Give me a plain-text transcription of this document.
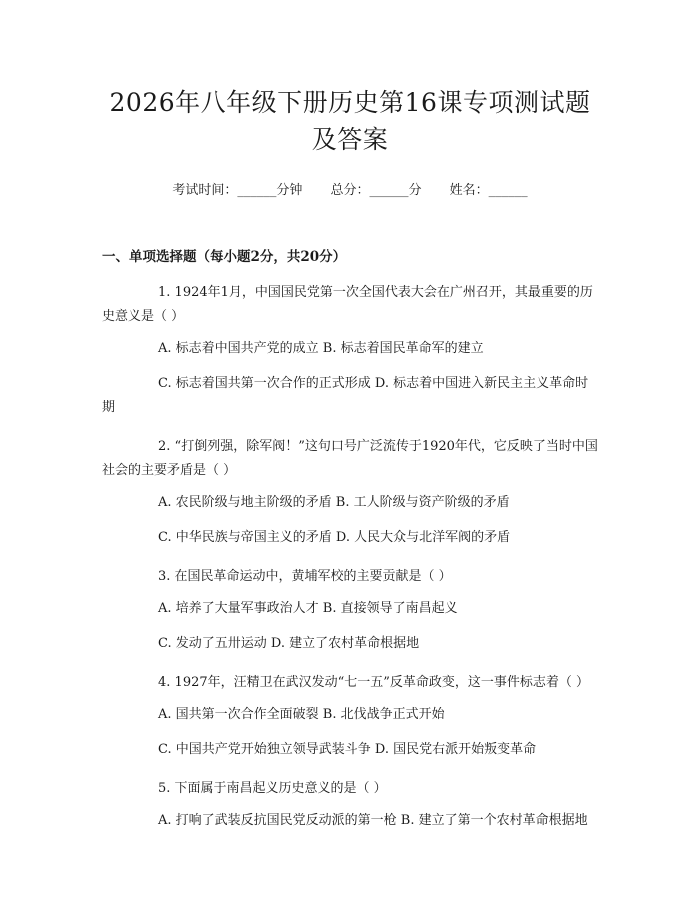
2026年八年级下册历史第16课专项测试题
及答案
考试时间：______分钟 总分：______分 姓名：______
一、单项选择题（每小题2分，共20分）
1. 1924年1月，中国国民党第一次全国代表大会在广州召开，其最重要的历史意义是（ ）
A. 标志着中国共产党的成立 B. 标志着国民革命军的建立
C. 标志着国共第一次合作的正式形成 D. 标志着中国进入新民主主义革命时期
2. “打倒列强，除军阀！”这句口号广泛流传于1920年代，它反映了当时中国社会的主要矛盾是（ ）
A. 农民阶级与地主阶级的矛盾 B. 工人阶级与资产阶级的矛盾
C. 中华民族与帝国主义的矛盾 D. 人民大众与北洋军阀的矛盾
3. 在国民革命运动中，黄埔军校的主要贡献是（ ）
A. 培养了大量军事政治人才 B. 直接领导了南昌起义
C. 发动了五卅运动 D. 建立了农村革命根据地
4. 1927年，汪精卫在武汉发动“七一五”反革命政变，这一事件标志着（ ）
A. 国共第一次合作全面破裂 B. 北伐战争正式开始
C. 中国共产党开始独立领导武装斗争 D. 国民党右派开始叛变革命
5. 下面属于南昌起义历史意义的是（ ）
A. 打响了武装反抗国民党反动派的第一枪 B. 建立了第一个农村革命根据地
